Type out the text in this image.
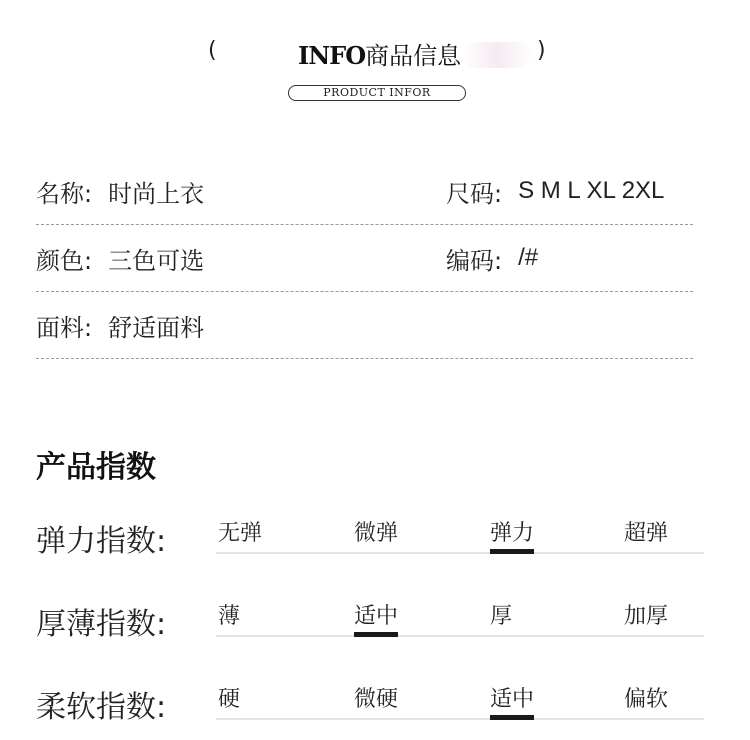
(	INFO商品信息	)
PRODUCT INFOR
名称: 时尚上衣	尺码: S M L XL 2XL
颜色: 三色可选	编码: /#
面料: 舒适面料
产品指数
弹力指数: 无弹	微弹	弹力	超弹
厚薄指数: 薄	适中	厚	加厚
柔软指数: 硬	微硬	适中	偏软
